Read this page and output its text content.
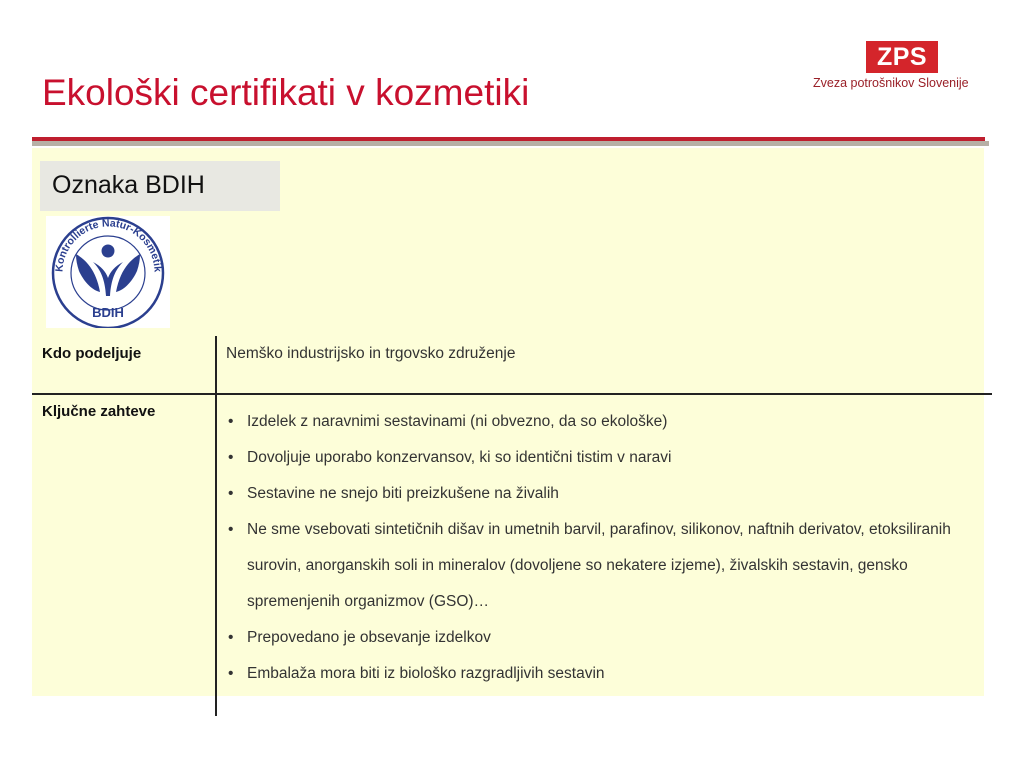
Ekološki certifikati v kozmetiki
ZPS
Zveza potrošnikov Slovenije
Oznaka BDIH
Kontrollierte Natur-Kosmetik
BDIH
Kdo podeljuje	Nemško industrijsko in trgovsko združenje
Ključne zahteve
• Izdelek z naravnimi sestavinami (ni obvezno, da so ekološke)
• Dovoljuje uporabo konzervansov, ki so identični tistim v naravi
• Sestavine ne snejo biti preizkušene na živalih
• Ne sme vsebovati sintetičnih dišav in umetnih barvil, parafinov, silikonov, naftnih derivatov, etoksiliranih surovin, anorganskih soli in mineralov (dovoljene so nekatere izjeme), živalskih sestavin, gensko spremenjenih organizmov (GSO)…
• Prepovedano je obsevanje izdelkov
• Embalaža mora biti iz biološko razgradljivih sestavin
